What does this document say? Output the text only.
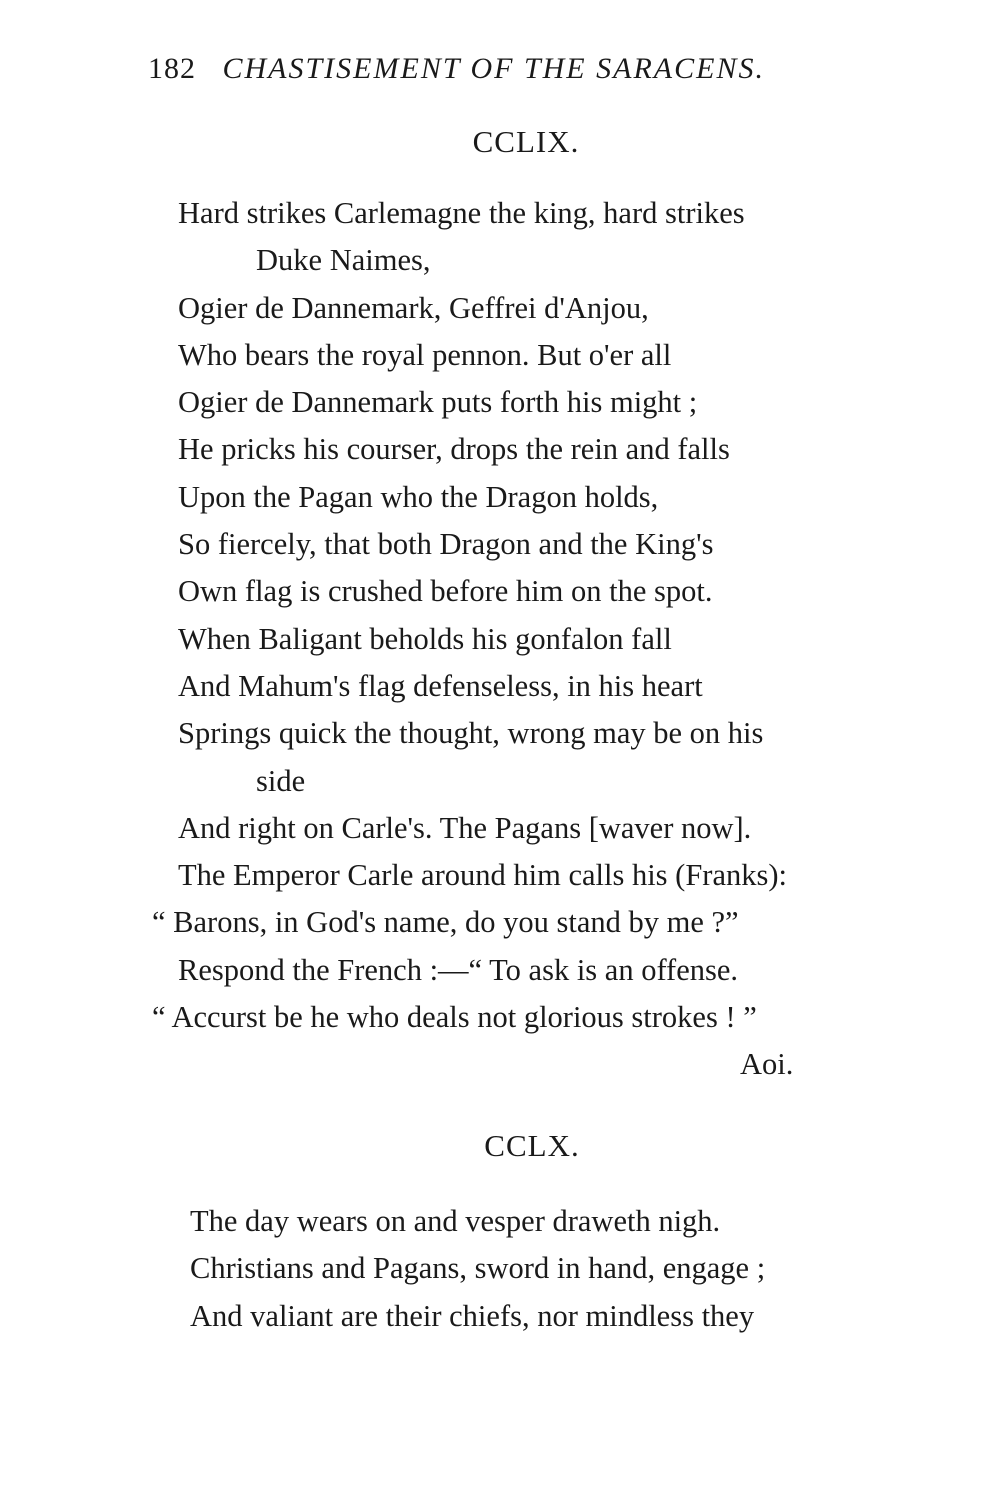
182 CHASTISEMENT OF THE SARACENS.
CCLIX.
Hard strikes Carlemagne the king, hard strikes
Duke Naimes,
Ogier de Dannemark, Geffrei d'Anjou,
Who bears the royal pennon. But o'er all
Ogier de Dannemark puts forth his might ;
He pricks his courser, drops the rein and falls
Upon the Pagan who the Dragon holds,
So fiercely, that both Dragon and the King's
Own flag is crushed before him on the spot.
When Baligant beholds his gonfalon fall
And Mahum's flag defenseless, in his heart
Springs quick the thought, wrong may be on his
side
And right on Carle's. The Pagans [waver now].
The Emperor Carle around him calls his (Franks):
“ Barons, in God's name, do you stand by me ?”
Respond the French :—“ To ask is an offense.
“ Accurst be he who deals not glorious strokes ! ”
Aoi.
CCLX.
The day wears on and vesper draweth nigh.
Christians and Pagans, sword in hand, engage ;
And valiant are their chiefs, nor mindless they
